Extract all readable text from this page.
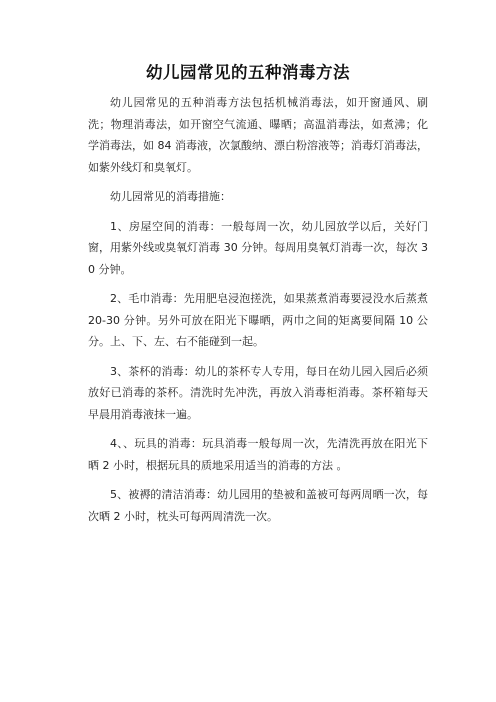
幼儿园常见的五种消毒方法

幼儿园常见的五种消毒方法包括机械消毒法，如开窗通风、刷洗；物理消毒法，如开窗空气流通、曝晒；高温消毒法，如煮沸；化学消毒法，如 84 消毒液，次氯酸纳、漂白粉溶液等；消毒灯消毒法，如紫外线灯和臭氧灯。

幼儿园常见的消毒措施：

1、房屋空间的消毒：一般每周一次，幼儿园放学以后，关好门窗，用紫外线或臭氧灯消毒 30 分钟。每周用臭氧灯消毒一次，每次 30 分钟。

2、毛巾消毒：先用肥皂浸泡搓洗，如果蒸煮消毒要浸没水后蒸煮 20-30 分钟。另外可放在阳光下曝晒，两巾之间的矩离要间隔 10 公分。上、下、左、右不能碰到一起。

3、茶杯的消毒：幼儿的茶杯专人专用，每日在幼儿园入园后必须放好已消毒的茶杯。清洗时先冲洗，再放入消毒柜消毒。茶杯箱每天早晨用消毒液抹一遍。

4、、玩具的消毒：玩具消毒一般每周一次，先清洗再放在阳光下晒 2 小时，根据玩具的质地采用适当的消毒的方法 。

5、被褥的清洁消毒：幼儿园用的垫被和盖被可每两周晒一次，每次晒 2 小时，枕头可每两周清洗一次。
